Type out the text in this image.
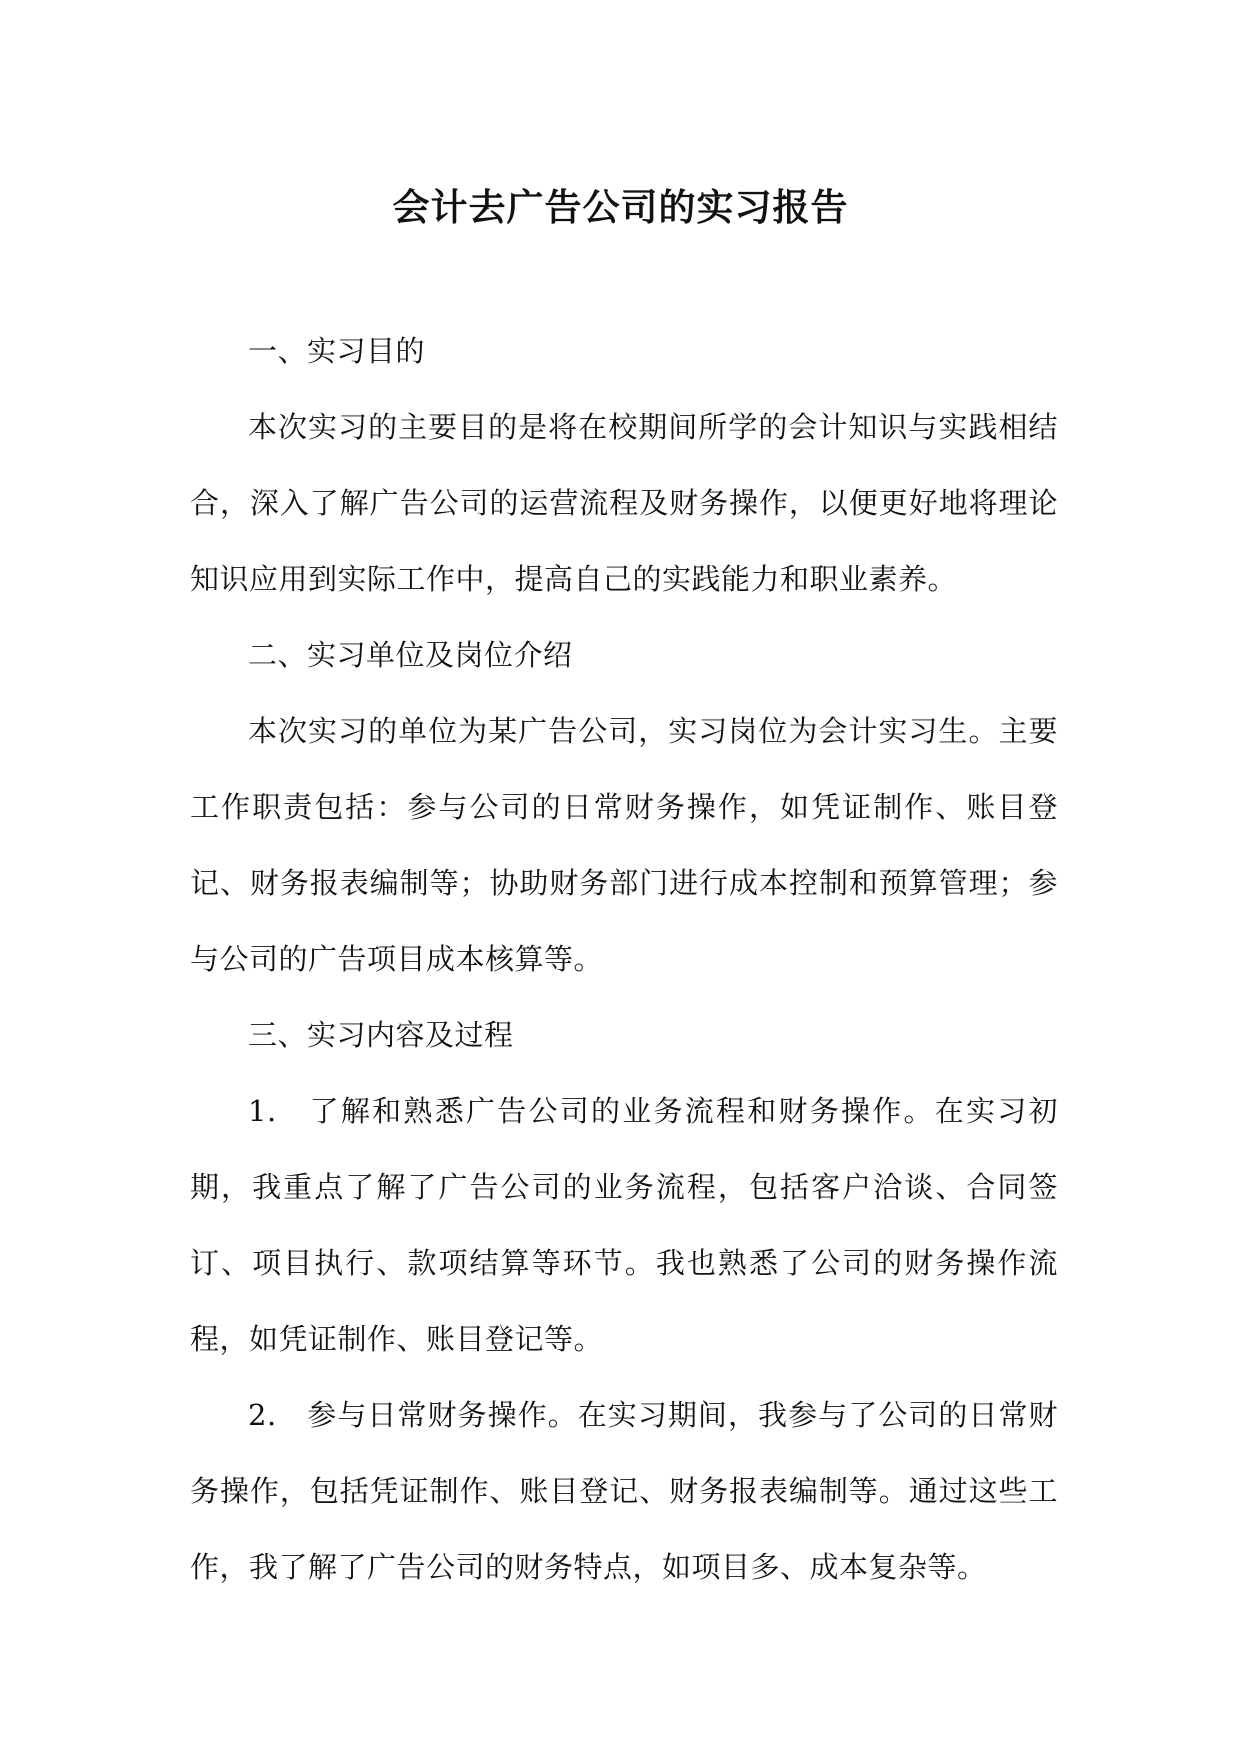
会计去广告公司的实习报告

一、实习目的

本次实习的主要目的是将在校期间所学的会计知识与实践相结合，深入了解广告公司的运营流程及财务操作，以便更好地将理论知识应用到实际工作中，提高自己的实践能力和职业素养。

二、实习单位及岗位介绍

本次实习的单位为某广告公司，实习岗位为会计实习生。主要工作职责包括：参与公司的日常财务操作，如凭证制作、账目登记、财务报表编制等；协助财务部门进行成本控制和预算管理；参与公司的广告项目成本核算等。

三、实习内容及过程

1.　了解和熟悉广告公司的业务流程和财务操作。在实习初期，我重点了解了广告公司的业务流程，包括客户洽谈、合同签订、项目执行、款项结算等环节。我也熟悉了公司的财务操作流程，如凭证制作、账目登记等。

2.　参与日常财务操作。在实习期间，我参与了公司的日常财务操作，包括凭证制作、账目登记、财务报表编制等。通过这些工作，我了解了广告公司的财务特点，如项目多、成本复杂等。
